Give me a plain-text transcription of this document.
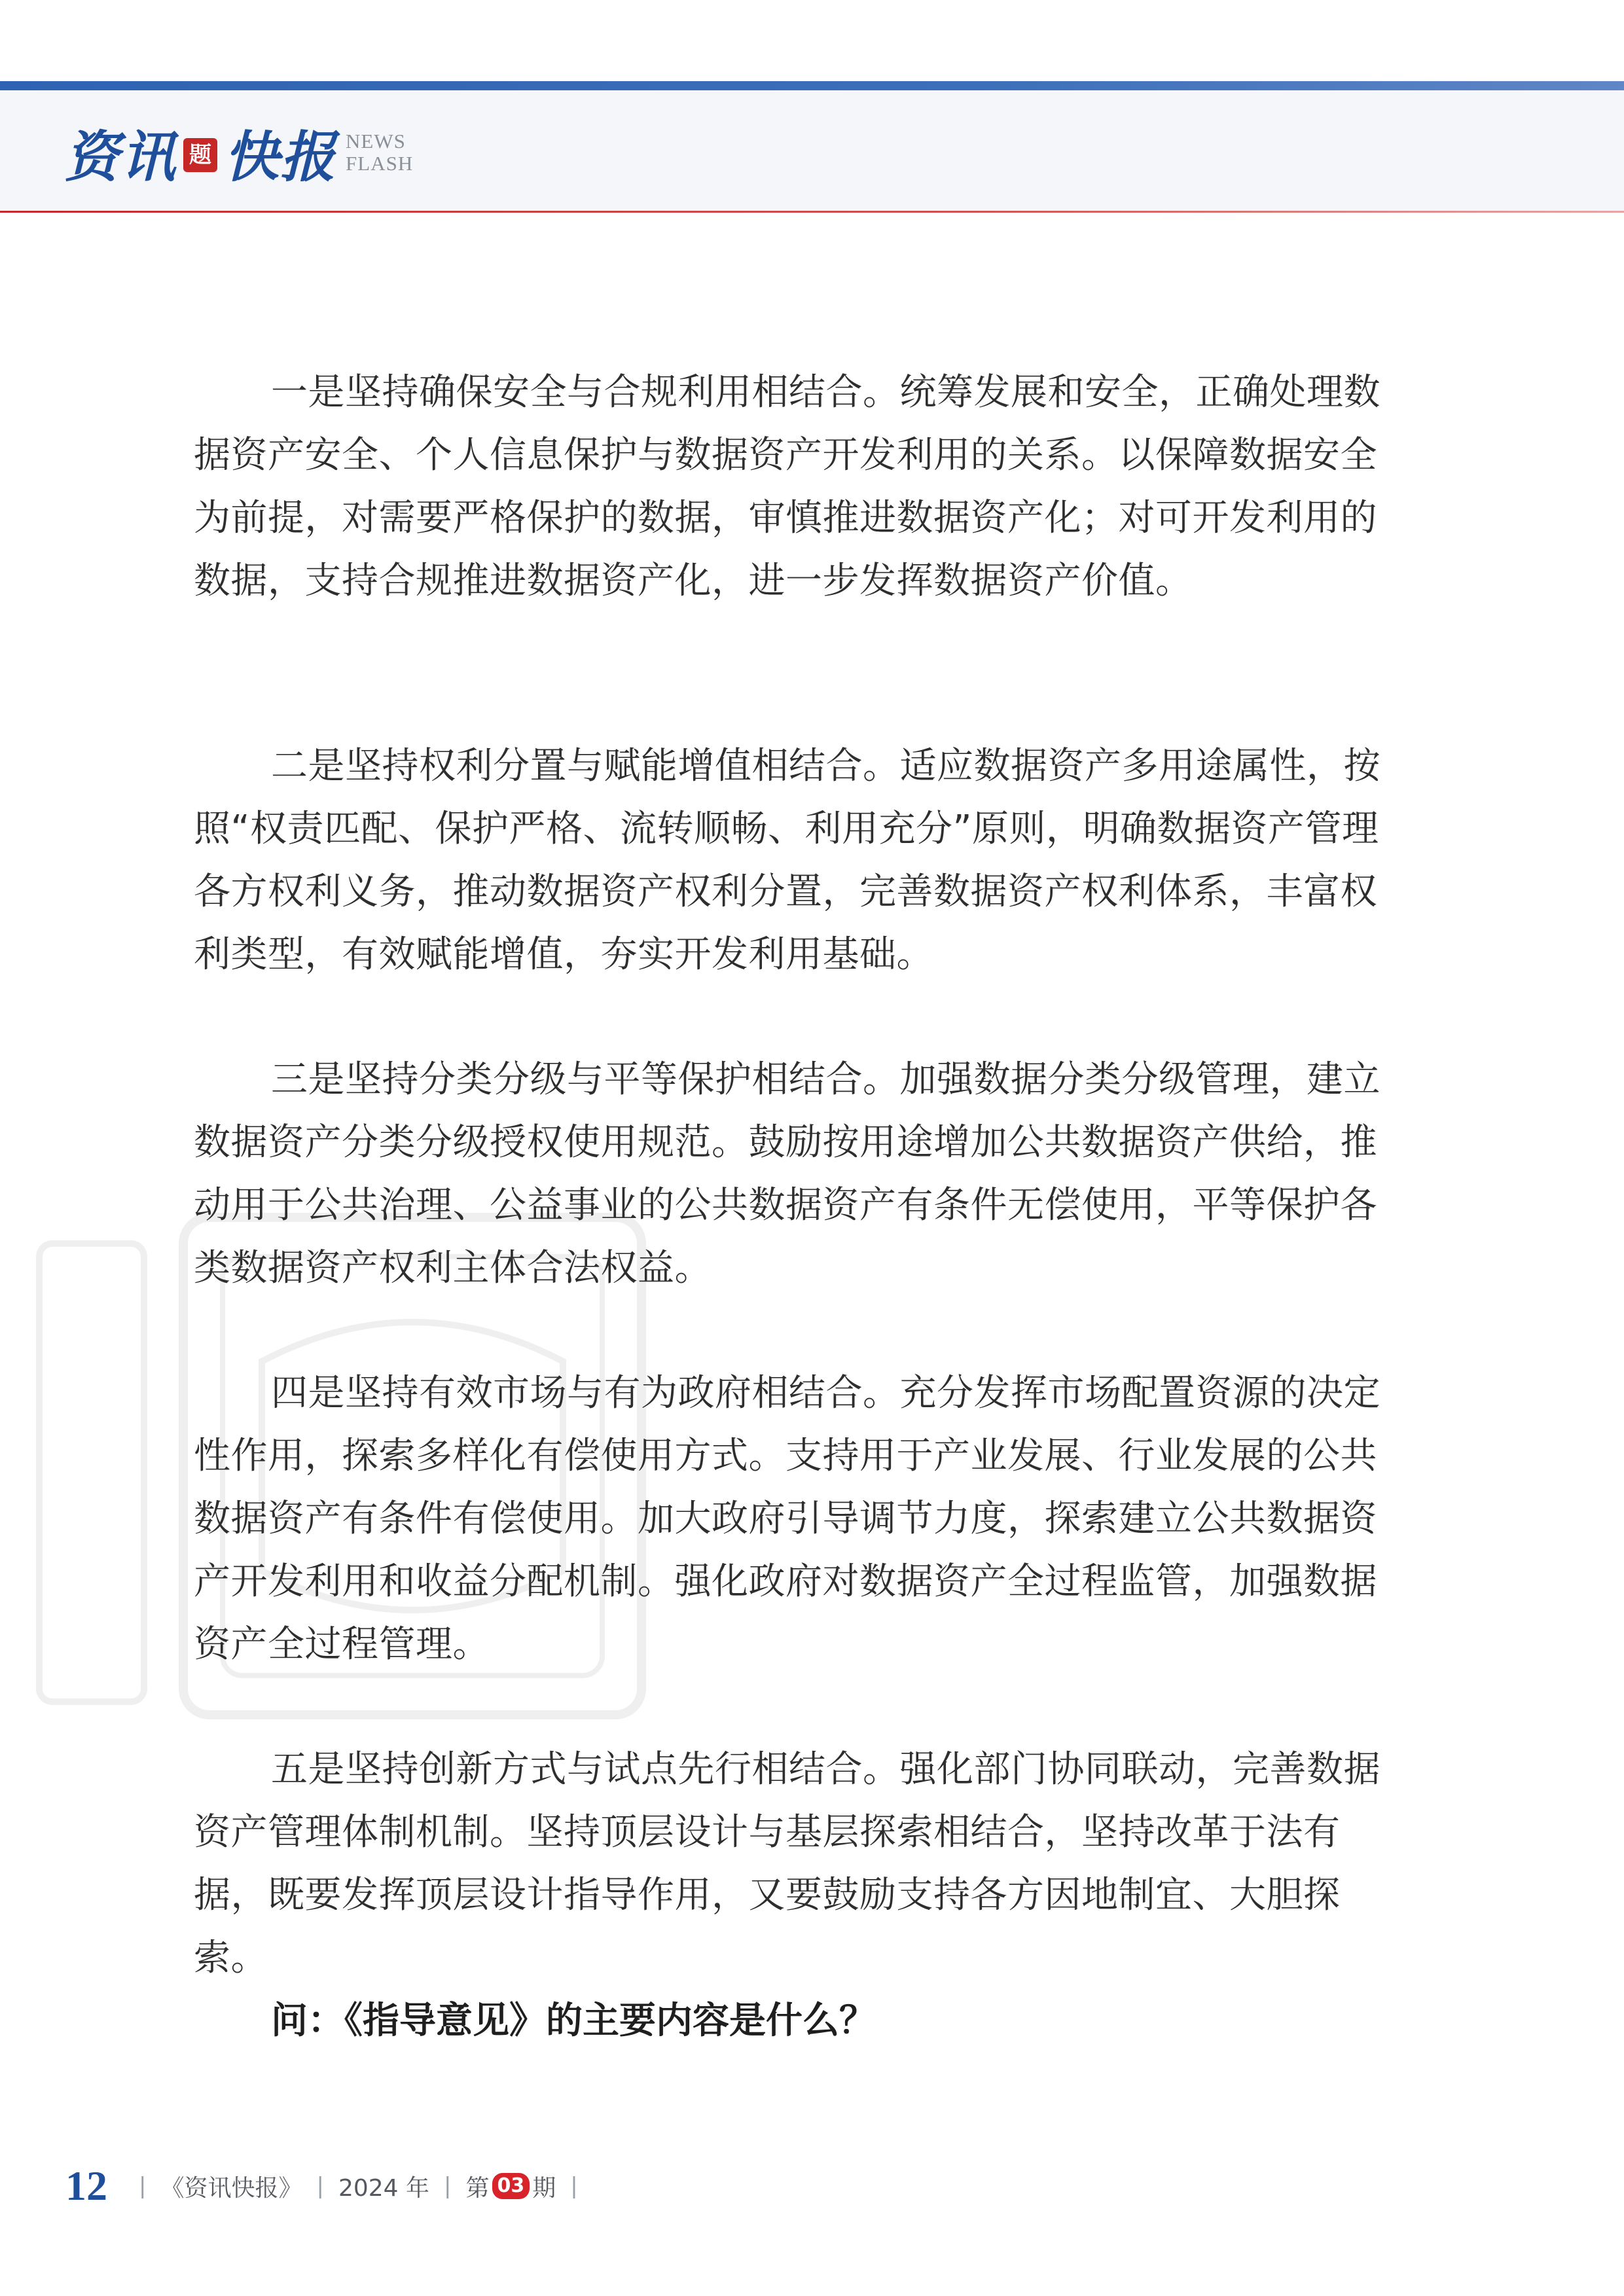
资讯 题 快报 NEWS
FLASH

一是坚持确保安全与合规利用相结合。统筹发展和安全，正确处理数据资产安全、个人信息保护与数据资产开发利用的关系。以保障数据安全为前提，对需要严格保护的数据，审慎推进数据资产化；对可开发利用的数据，支持合规推进数据资产化，进一步发挥数据资产价值。

二是坚持权利分置与赋能增值相结合。适应数据资产多用途属性，按照“权责匹配、保护严格、流转顺畅、利用充分”原则，明确数据资产管理各方权利义务，推动数据资产权利分置，完善数据资产权利体系，丰富权利类型，有效赋能增值，夯实开发利用基础。

三是坚持分类分级与平等保护相结合。加强数据分类分级管理，建立数据资产分类分级授权使用规范。鼓励按用途增加公共数据资产供给，推动用于公共治理、公益事业的公共数据资产有条件无偿使用，平等保护各类数据资产权利主体合法权益。

四是坚持有效市场与有为政府相结合。充分发挥市场配置资源的决定性作用，探索多样化有偿使用方式。支持用于产业发展、行业发展的公共数据资产有条件有偿使用。加大政府引导调节力度，探索建立公共数据资产开发利用和收益分配机制。强化政府对数据资产全过程监管，加强数据资产全过程管理。

五是坚持创新方式与试点先行相结合。强化部门协同联动，完善数据资产管理体制机制。坚持顶层设计与基层探索相结合，坚持改革于法有据，既要发挥顶层设计指导作用，又要鼓励支持各方因地制宜、大胆探索。

问：《指导意见》的主要内容是什么？

12 | 《资讯快报》 | 2024 年 | 第 03 期 |
